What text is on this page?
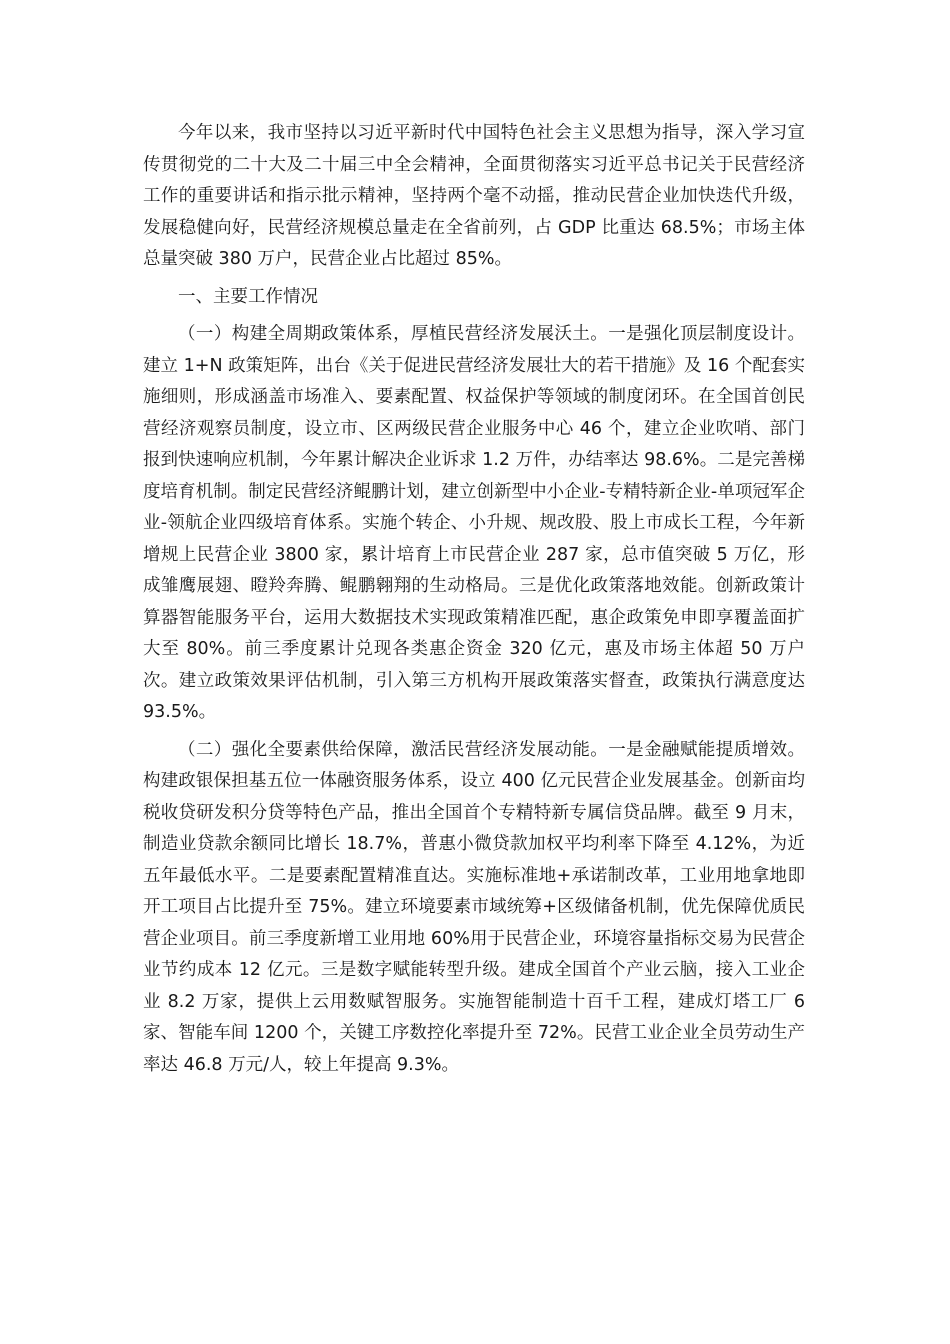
今年以来，我市坚持以习近平新时代中国特色社会主义思想为指导，深入学习宣传贯彻党的二十大及二十届三中全会精神，全面贯彻落实习近平总书记关于民营经济工作的重要讲话和指示批示精神，坚持两个毫不动摇，推动民营企业加快迭代升级，发展稳健向好，民营经济规模总量走在全省前列，占 GDP 比重达 68.5%；市场主体总量突破 380 万户，民营企业占比超过 85%。

一、主要工作情况

（一）构建全周期政策体系，厚植民营经济发展沃土。一是强化顶层制度设计。建立 1+N 政策矩阵，出台《关于促进民营经济发展壮大的若干措施》及 16 个配套实施细则，形成涵盖市场准入、要素配置、权益保护等领域的制度闭环。在全国首创民营经济观察员制度，设立市、区两级民营企业服务中心 46 个，建立企业吹哨、部门报到快速响应机制，今年累计解决企业诉求 1.2 万件，办结率达 98.6%。二是完善梯度培育机制。制定民营经济鲲鹏计划，建立创新型中小企业-专精特新企业-单项冠军企业-领航企业四级培育体系。实施个转企、小升规、规改股、股上市成长工程，今年新增规上民营企业 3800 家，累计培育上市民营企业 287 家，总市值突破 5 万亿，形成雏鹰展翅、瞪羚奔腾、鲲鹏翱翔的生动格局。三是优化政策落地效能。创新政策计算器智能服务平台，运用大数据技术实现政策精准匹配，惠企政策免申即享覆盖面扩大至 80%。前三季度累计兑现各类惠企资金 320 亿元，惠及市场主体超 50 万户次。建立政策效果评估机制，引入第三方机构开展政策落实督查，政策执行满意度达 93.5%。

（二）强化全要素供给保障，激活民营经济发展动能。一是金融赋能提质增效。构建政银保担基五位一体融资服务体系，设立 400 亿元民营企业发展基金。创新亩均税收贷研发积分贷等特色产品，推出全国首个专精特新专属信贷品牌。截至 9 月末，制造业贷款余额同比增长 18.7%，普惠小微贷款加权平均利率下降至 4.12%，为近五年最低水平。二是要素配置精准直达。实施标准地+承诺制改革，工业用地拿地即开工项目占比提升至 75%。建立环境要素市域统筹+区级储备机制，优先保障优质民营企业项目。前三季度新增工业用地 60%用于民营企业，环境容量指标交易为民营企业节约成本 12 亿元。三是数字赋能转型升级。建成全国首个产业云脑，接入工业企业 8.2 万家，提供上云用数赋智服务。实施智能制造十百千工程，建成灯塔工厂 6 家、智能车间 1200 个，关键工序数控化率提升至 72%。民营工业企业全员劳动生产率达 46.8 万元/人，较上年提高 9.3%。
